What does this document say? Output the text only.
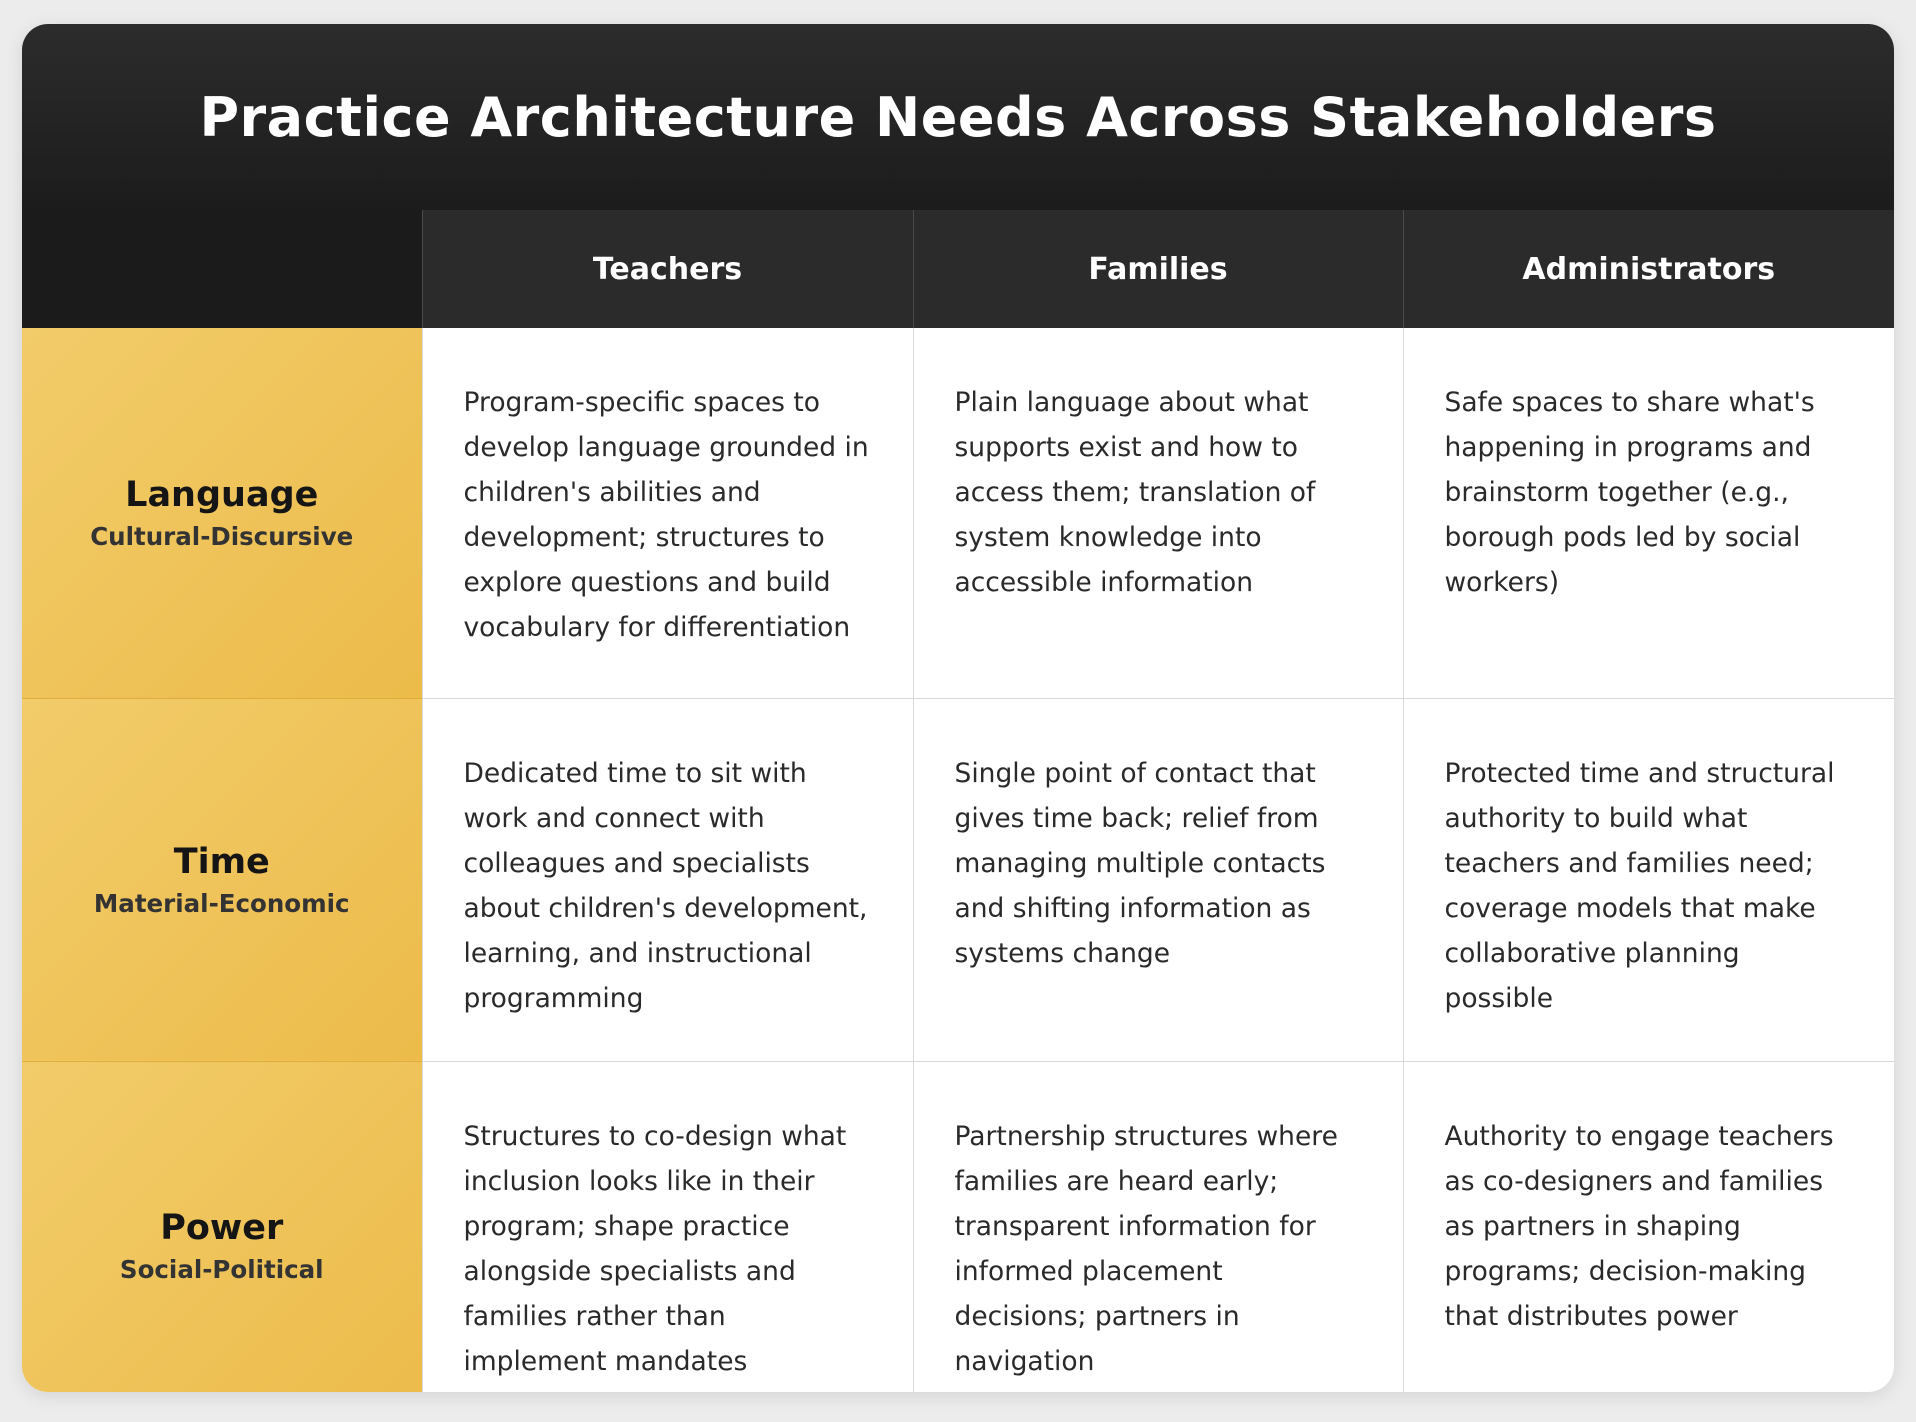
Practice Architecture Needs Across Stakeholders
	Teachers	Families	Administrators

Language
Cultural-Discursive	Program-specific spaces to develop language grounded in children's abilities and development; structures to explore questions and build vocabulary for differentiation	Plain language about what supports exist and how to access them; translation of system knowledge into accessible information	Safe spaces to share what's happening in programs and brainstorm together (e.g., borough pods led by social workers)

Time
Material-Economic	Dedicated time to sit with work and connect with colleagues and specialists about children's development, learning, and instructional programming	Single point of contact that gives time back; relief from managing multiple contacts and shifting information as systems change	Protected time and structural authority to build what teachers and families need; coverage models that make collaborative planning possible

Power
Social-Political	Structures to co-design what inclusion looks like in their program; shape practice alongside specialists and families rather than implement mandates	Partnership structures where families are heard early; transparent information for informed placement decisions; partners in navigation	Authority to engage teachers as co-designers and families as partners in shaping programs; decision-making that distributes power
